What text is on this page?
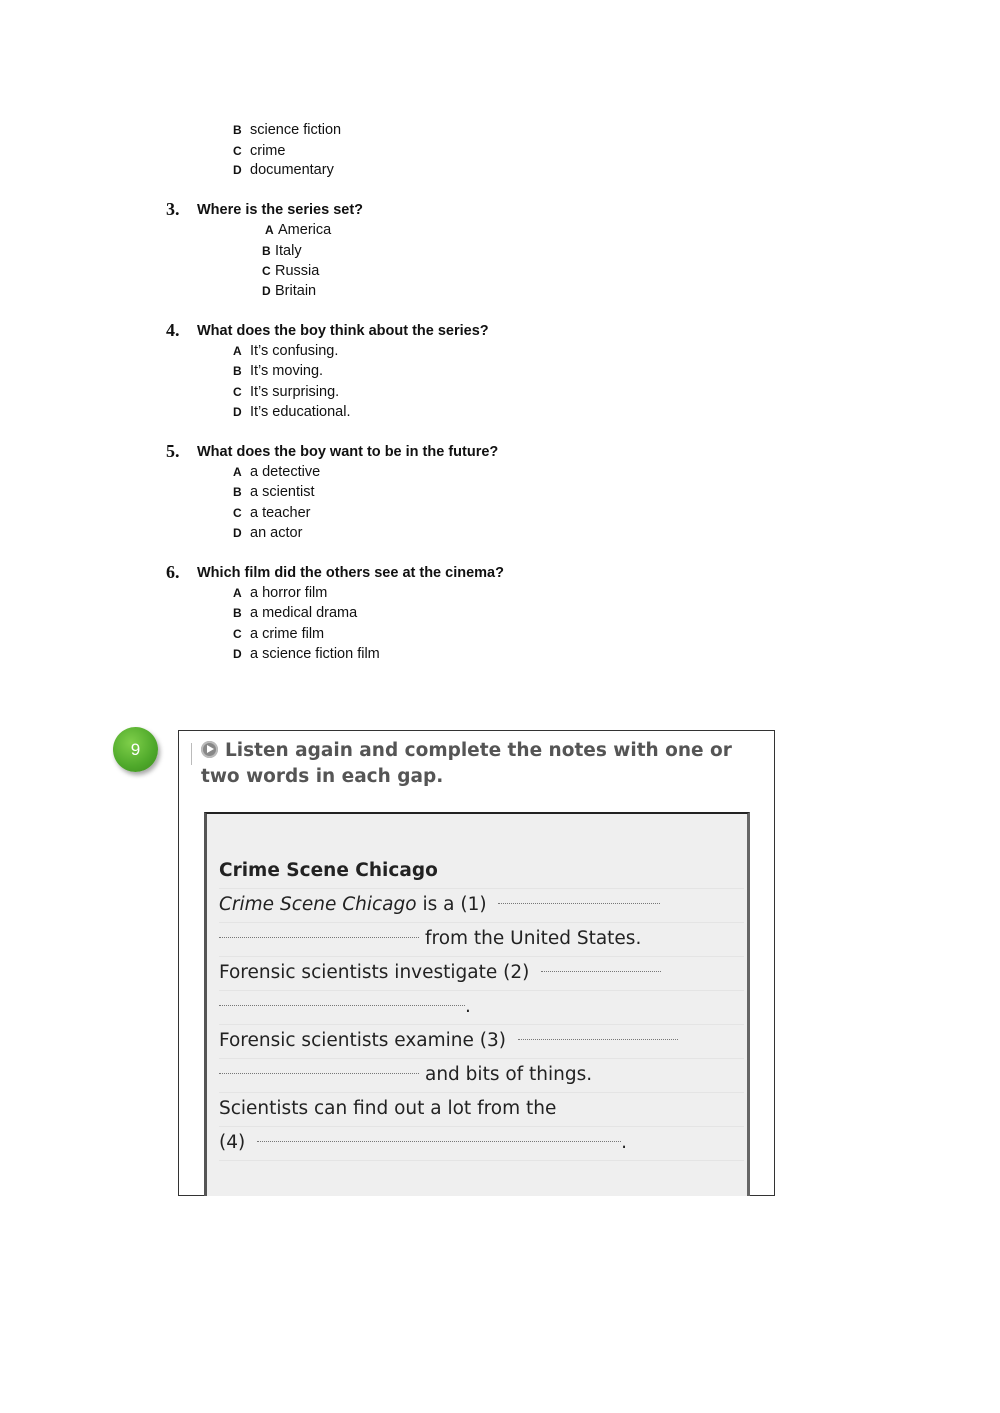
B science fiction
C crime
D documentary
3. Where is the series set?
A America
B Italy
C Russia
D Britain
4. What does the boy think about the series?
A It’s confusing.
B It’s moving.
C It’s surprising.
D It’s educational.
5. What does the boy want to be in the future?
A a detective
B a scientist
C a teacher
D an actor
6. Which film did the others see at the cinema?
A a horror film
B a medical drama
C a crime film
D a science fiction film
9	Listen again and complete the notes with one or two words in each gap.
Crime Scene Chicago
Crime Scene Chicago is a (1)
from the United States.
Forensic scientists investigate (2)
.
Forensic scientists examine (3)
and bits of things.
Scientists can find out a lot from the
(4)	.
